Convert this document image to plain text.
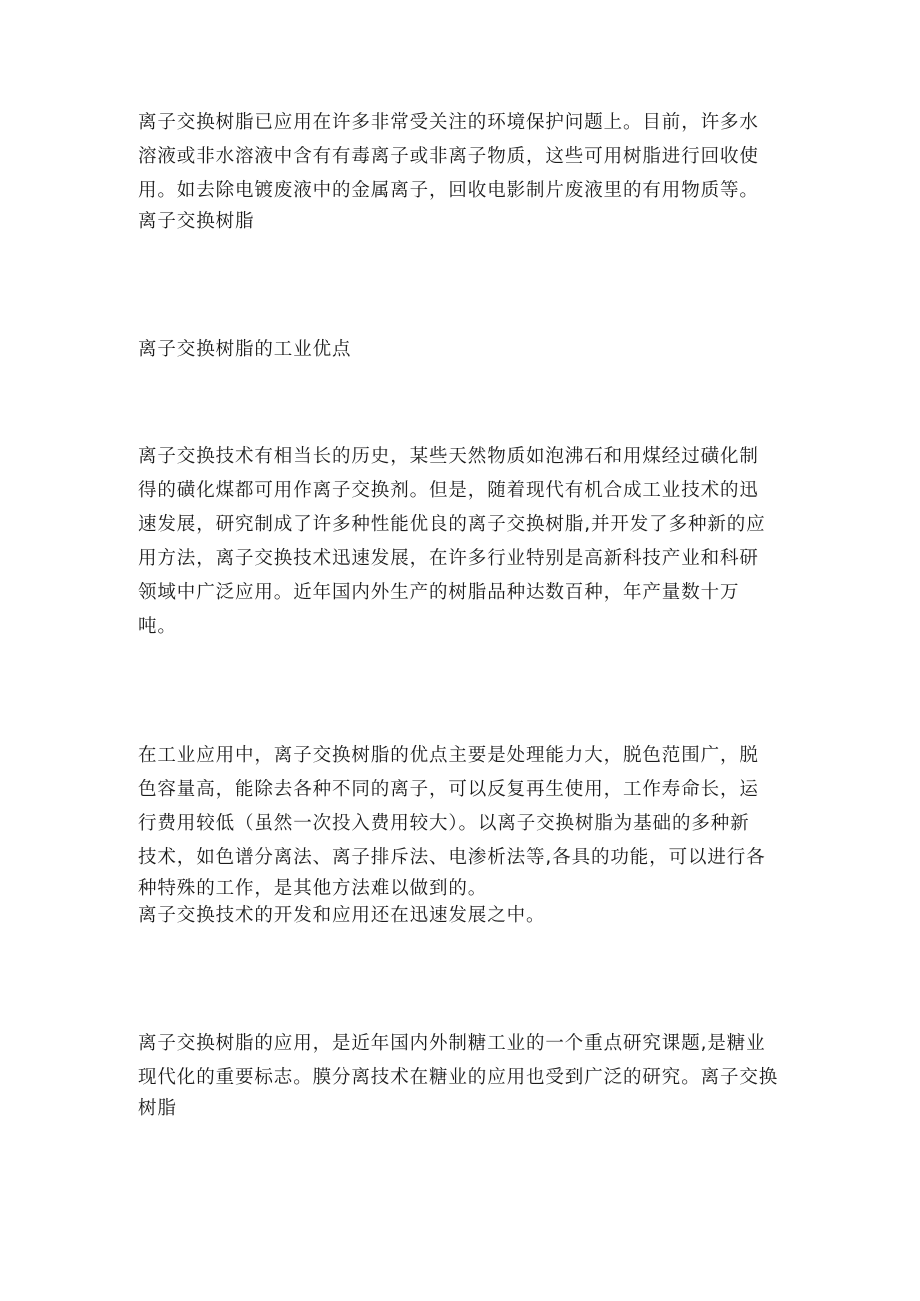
离子交换树脂已应用在许多非常受关注的环境保护问题上。目前，许多水
溶液或非水溶液中含有有毒离子或非离子物质，这些可用树脂进行回收使
用。如去除电镀废液中的金属离子，回收电影制片废液里的有用物质等。
离子交换树脂
离子交换树脂的工业优点
离子交换技术有相当长的历史，某些天然物质如泡沸石和用煤经过磺化制
得的磺化煤都可用作离子交换剂。但是，随着现代有机合成工业技术的迅
速发展，研究制成了许多种性能优良的离子交换树脂,并开发了多种新的应
用方法，离子交换技术迅速发展，在许多行业特别是高新科技产业和科研
领域中广泛应用。近年国内外生产的树脂品种达数百种，年产量数十万
吨。
在工业应用中，离子交换树脂的优点主要是处理能力大，脱色范围广，脱
色容量高，能除去各种不同的离子，可以反复再生使用，工作寿命长，运
行费用较低（虽然一次投入费用较大）。以离子交换树脂为基础的多种新
技术，如色谱分离法、离子排斥法、电渗析法等,各具的功能，可以进行各
种特殊的工作，是其他方法难以做到的。
离子交换技术的开发和应用还在迅速发展之中。
离子交换树脂的应用，是近年国内外制糖工业的一个重点研究课题,是糖业
现代化的重要标志。膜分离技术在糖业的应用也受到广泛的研究。离子交换
树脂
